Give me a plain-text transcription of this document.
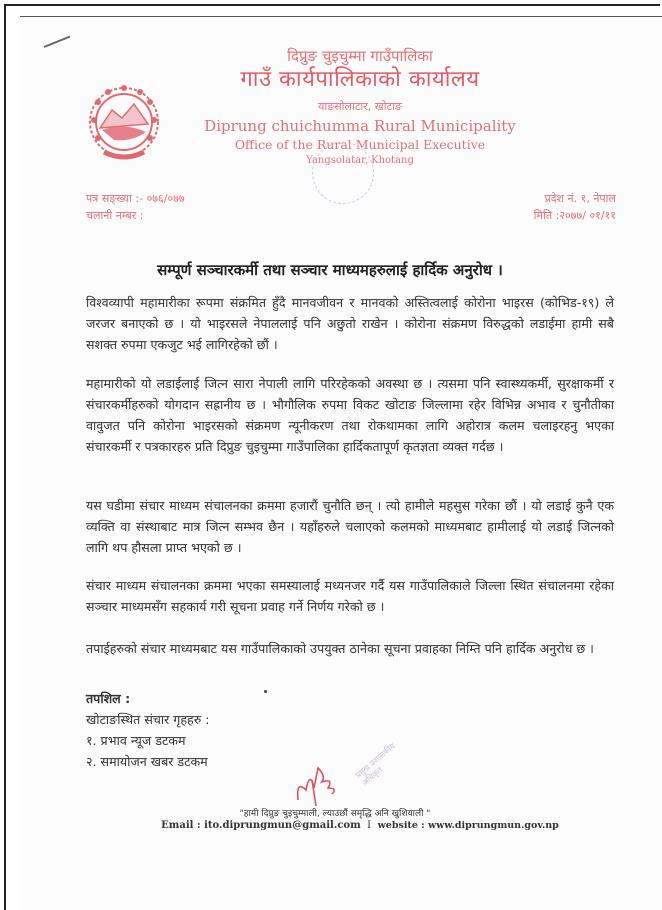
दिप्रुङ चुइचुम्मा गाउँपालिका
गाउँ कार्यपालिकाको कार्यालय
याङसोलाटार, खोटाङ
Diprung chuichumma Rural Municipality
Office of the Rural Municipal Executive
Yangsolatar, Khotang
पत्र सङ्ख्या :- ०७६/०७७
चलानी नम्बर :
प्रदेश नं. १, नेपाल
मिति :२०७७/ ०१/११
सम्पूर्ण सञ्चारकर्मी तथा सञ्चार माध्यमहरुलाई हार्दिक अनुरोध ।
विश्वव्यापी महामारीका रूपमा संक्रमित हुँदै मानवजीवन र मानवको अस्तित्वलाई कोरोना भाइरस (कोभिड-१९) ले जरजर बनाएको छ । यो भाइरसले नेपाललाई पनि अछुतो राखेन । कोरोना संक्रमण विरुद्धको लडाईमा हामी सबै सशक्त रुपमा एकजुट भई लागिरहेको छौं ।
महामारीको यो लडाईलाई जित्न सारा नेपाली लागि परिरहेकको अवस्था छ । त्यसमा पनि स्वास्थ्यकर्मी, सुरक्षाकर्मी र संचारकर्मीहरुको योगदान सह्रानीय छ । भौगौलिक रुपमा विकट खोटाङ जिल्लामा रहेर विभिन्न अभाव र चुनौतीका वावुजत पनि कोरोना भाइरसको संक्रमण न्यूनीकरण तथा रोकथामका लागि अहोरात्र कलम चलाइरहनु भएका संचारकर्मी र पत्रकारहरु प्रति दिप्रुङ चुइचुम्मा गाउँपालिका हार्दिकतापूर्ण कृतज्ञता व्यक्त गर्दछ ।
यस घडीमा संचार माध्यम संचालनका क्रममा हजारौं चुनौति छन् । त्यो हामीले महसुस गरेका छौं । यो लडाई कुनै एक व्यक्ति वा संस्थाबाट मात्र जित्न सम्भव छैन । यहाँहरुले चलाएको कलमको माध्यमबाट हामीलाई यो लडाई जित्नको लागि थप हौसला प्राप्त भएको छ ।
संचार माध्यम संचालनका क्रममा भएका समस्यालाई मध्यनजर गर्दै यस गाउँपालिकाले जिल्ला स्थित संचालनमा रहेका सञ्चार माध्यमसँग सहकार्य गरी सूचना प्रवाह गर्ने निर्णय गरेको छ ।
तपाईहरुको संचार माध्यमबाट यस गाउँपालिकाको उपयुक्त ठानेका सूचना प्रवाहका निम्ति पनि हार्दिक अनुरोध छ ।
तपशिल :
खोटाङस्थित संचार गृहहरु :
१. प्रभाव न्यूज डटकम
२. समायोजन खबर डटकम	प्रमुख प्रशासकीय अधिकृत
"हामी दिप्रुङ चुइचुम्माली, ल्याउछौं समृद्धि अनि खुशियाली "
Email : ito.diprungmun@gmail.com I website : www.diprungmun.gov.np
